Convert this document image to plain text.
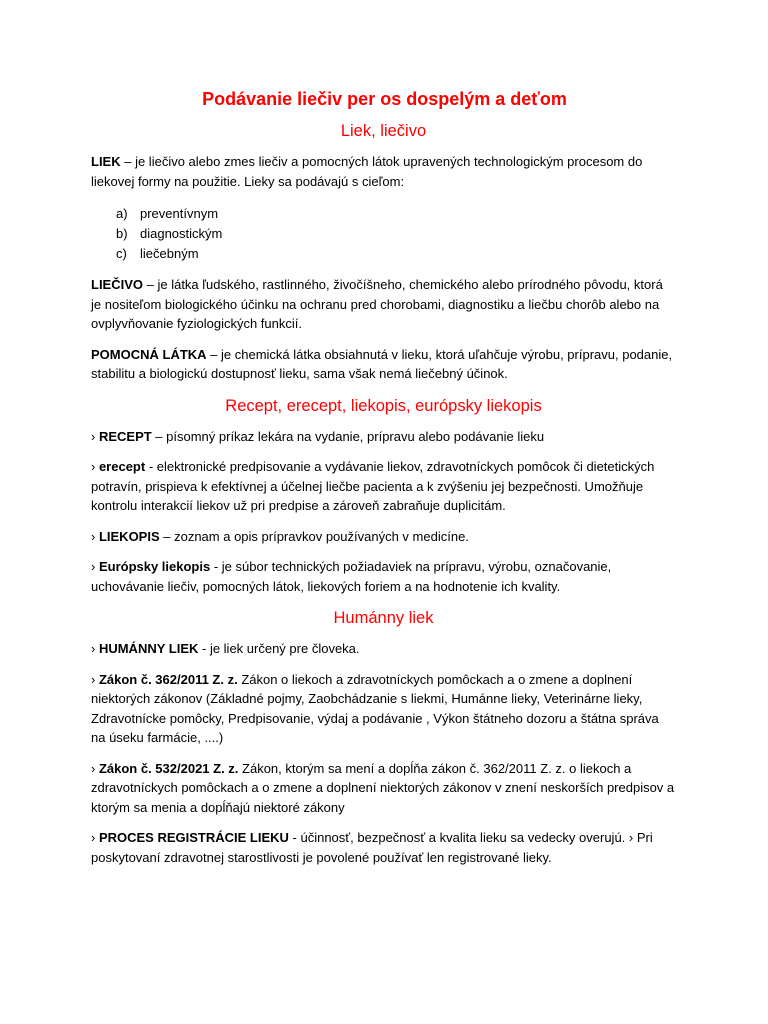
Podávanie liečiv per os dospelým a deťom
Liek, liečivo

LIEK – je liečivo alebo zmes liečiv a pomocných látok upravených technologickým procesom do liekovej formy na použitie. Lieky sa podávajú s cieľom:

a) preventívnym
b) diagnostickým
c)	liečebným

LIEČIVO – je látka ľudského, rastlinného, živočíšneho, chemického alebo prírodného pôvodu, ktorá je nositeľom biologického účinku na ochranu pred chorobami, diagnostiku a liečbu chorôb alebo na ovplyvňovanie fyziologických funkcií.

POMOCNÁ LÁTKA – je chemická látka obsiahnutá v lieku, ktorá uľahčuje výrobu, prípravu, podanie, stabilitu a biologickú dostupnosť lieku, sama však nemá liečebný účinok.

Recept, erecept, liekopis, európsky liekopis

› RECEPT – písomný príkaz lekára na vydanie, prípravu alebo podávanie lieku

› erecept - elektronické predpisovanie a vydávanie liekov, zdravotníckych pomôcok či dietetických potravín, prispieva k efektívnej a účelnej liečbe pacienta a k zvýšeniu jej bezpečnosti. Umožňuje kontrolu interakcií liekov už pri predpise a zároveň zabraňuje duplicitám.

› LIEKOPIS – zoznam a opis prípravkov používaných v medicíne.

› Európsky liekopis - je súbor technických požiadaviek na prípravu, výrobu, označovanie, uchovávanie liečiv, pomocných látok, liekových foriem a na hodnotenie ich kvality.

Humánny liek

› HUMÁNNY LIEK - je liek určený pre človeka.

› Zákon č. 362/2011 Z. z. Zákon o liekoch a zdravotníckych pomôckach a o zmene a doplnení niektorých zákonov (Základné pojmy, Zaobchádzanie s liekmi, Humánne lieky, Veterinárne lieky, Zdravotnícke pomôcky, Predpisovanie, výdaj a podávanie , Výkon štátneho dozoru a štátna správa na úseku farmácie, ....)

› Zákon č. 532/2021 Z. z. Zákon, ktorým sa mení a dopĺňa zákon č. 362/2011 Z. z. o liekoch a zdravotníckych pomôckach a o zmene a doplnení niektorých zákonov v znení neskorších predpisov a ktorým sa menia a dopĺňajú niektoré zákony

› PROCES REGISTRÁCIE LIEKU - účinnosť, bezpečnosť a kvalita lieku sa vedecky overujú. › Pri poskytovaní zdravotnej starostlivosti je povolené používať len registrované lieky.
